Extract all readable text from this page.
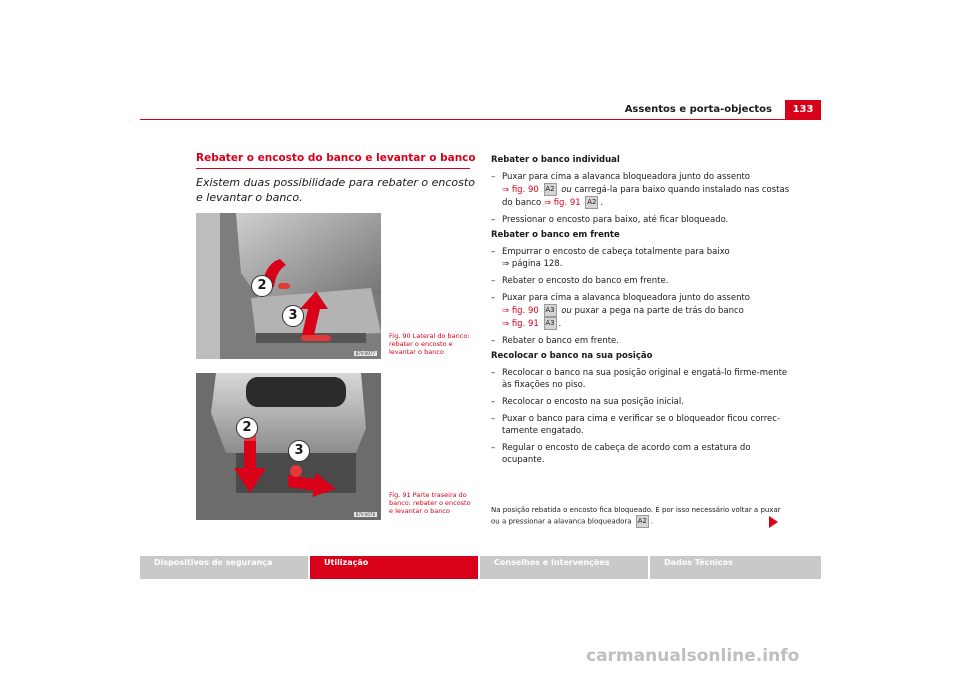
Assentos e porta-objectos	133
Rebater o encosto do banco e levantar o banco
Existem duas possibilidade para rebater o encosto e levantar o banco.
2
3
B7V-0077
Fig. 90 Lateral do banco: rebater o encosto e levantar o banco
2
3
B7V-0078
Fig. 91 Parte traseira do banco: rebater o encosto e levantar o banco
Rebater o banco individual
– Puxar para cima a alavanca bloqueadora junto do assento
⇒ fig. 90 A2 ou carregá-la para baixo quando instalado nas costas do banco ⇒ fig. 91 A2 .
– Pressionar o encosto para baixo, até ficar bloqueado.
Rebater o banco em frente
– Empurrar o encosto de cabeça totalmente para baixo
⇒ página 128.
– Rebater o encosto do banco em frente.
– Puxar para cima a alavanca bloqueadora junto do assento
⇒ fig. 90 A3 ou puxar a pega na parte de trás do banco
⇒ fig. 91 A3 .
– Rebater o banco em frente.
Recolocar o banco na sua posição
– Recolocar o banco na sua posição original e engatá-lo firme-mente às fixações no piso.
– Recolocar o encosto na sua posição inicial.
– Puxar o banco para cima e verificar se o bloqueador ficou correc-tamente engatado.
– Regular o encosto de cabeça de acordo com a estatura do ocupante.
Na posição rebatida o encosto fica bloqueado. É por isso necessário voltar a puxar ou a pressionar a alavanca bloqueadora A2 .
Dispositivos de segurança	Utilização	Conselhos e Intervenções	Dados Técnicos
carmanualsonline.info
